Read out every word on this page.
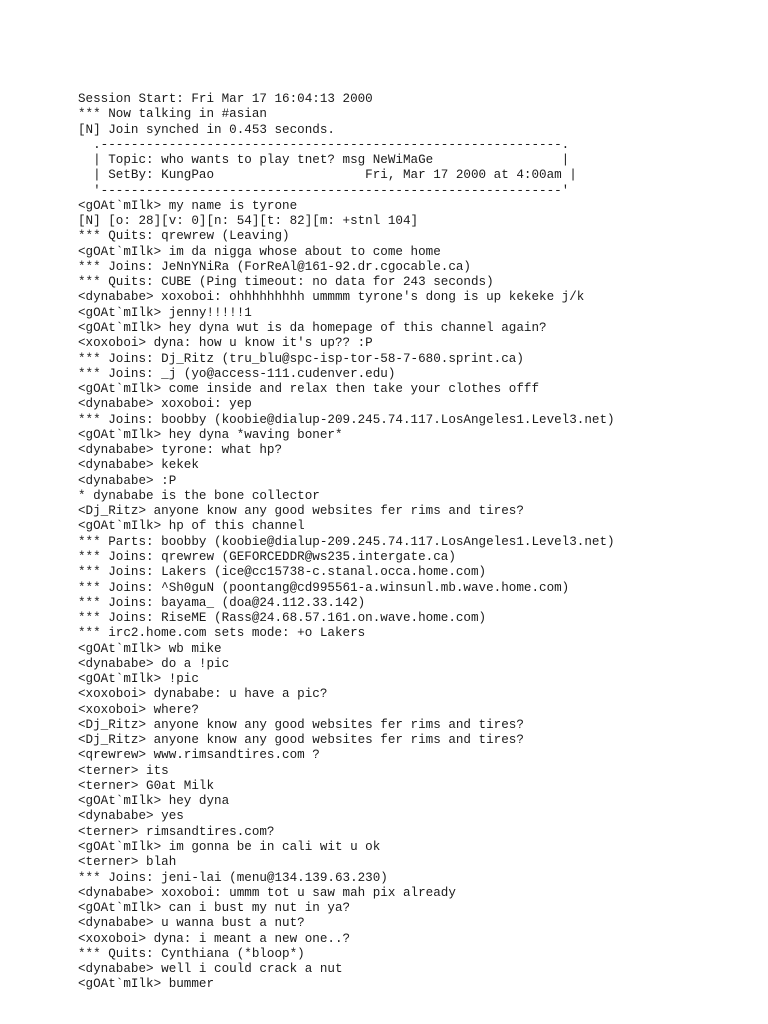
Session Start: Fri Mar 17 16:04:13 2000
*** Now talking in #asian
[N] Join synched in 0.453 seconds.
.-------------------------------------------------------------.
| Topic: who wants to play tnet? msg NeWiMaGe                 |
| SetBy: KungPao                    Fri, Mar 17 2000 at 4:00am |
'-------------------------------------------------------------'
<gOAt`mIlk> my name is tyrone
[N] [o: 28][v: 0][n: 54][t: 82][m: +stnl 104]
*** Quits: qrewrew (Leaving)
<gOAt`mIlk> im da nigga whose about to come home
*** Joins: JeNnYNiRa (ForReAl@161-92.dr.cgocable.ca)
*** Quits: CUBE (Ping timeout: no data for 243 seconds)
<dynababe> xoxoboi: ohhhhhhhhh ummmm tyrone's dong is up kekeke j/k
<gOAt`mIlk> jenny!!!!!1
<gOAt`mIlk> hey dyna wut is da homepage of this channel again?
<xoxoboi> dyna: how u know it's up?? :P
*** Joins: Dj_Ritz (tru_blu@spc-isp-tor-58-7-680.sprint.ca)
*** Joins: _j (yo@access-111.cudenver.edu)
<gOAt`mIlk> come inside and relax then take your clothes offf
<dynababe> xoxoboi: yep
*** Joins: boobby (koobie@dialup-209.245.74.117.LosAngeles1.Level3.net)
<gOAt`mIlk> hey dyna *waving boner*
<dynababe> tyrone: what hp?
<dynababe> kekek
<dynababe> :P
* dynababe is the bone collector
<Dj_Ritz> anyone know any good websites fer rims and tires?
<gOAt`mIlk> hp of this channel
*** Parts: boobby (koobie@dialup-209.245.74.117.LosAngeles1.Level3.net)
*** Joins: qrewrew (GEFORCEDDR@ws235.intergate.ca)
*** Joins: Lakers (ice@cc15738-c.stanal.occa.home.com)
*** Joins: ^Sh0guN (poontang@cd995561-a.winsunl.mb.wave.home.com)
*** Joins: bayama_ (doa@24.112.33.142)
*** Joins: RiseME (Rass@24.68.57.161.on.wave.home.com)
*** irc2.home.com sets mode: +o Lakers
<gOAt`mIlk> wb mike
<dynababe> do a !pic
<gOAt`mIlk> !pic
<xoxoboi> dynababe: u have a pic?
<xoxoboi> where?
<Dj_Ritz> anyone know any good websites fer rims and tires?
<Dj_Ritz> anyone know any good websites fer rims and tires?
<qrewrew> www.rimsandtires.com ?
<terner> its
<terner> G0at Milk
<gOAt`mIlk> hey dyna
<dynababe> yes
<terner> rimsandtires.com?
<gOAt`mIlk> im gonna be in cali wit u ok
<terner> blah
*** Joins: jeni-lai (menu@134.139.63.230)
<dynababe> xoxoboi: ummm tot u saw mah pix already
<gOAt`mIlk> can i bust my nut in ya?
<dynababe> u wanna bust a nut?
<xoxoboi> dyna: i meant a new one..?
*** Quits: Cynthiana (*bloop*)
<dynababe> well i could crack a nut
<gOAt`mIlk> bummer
